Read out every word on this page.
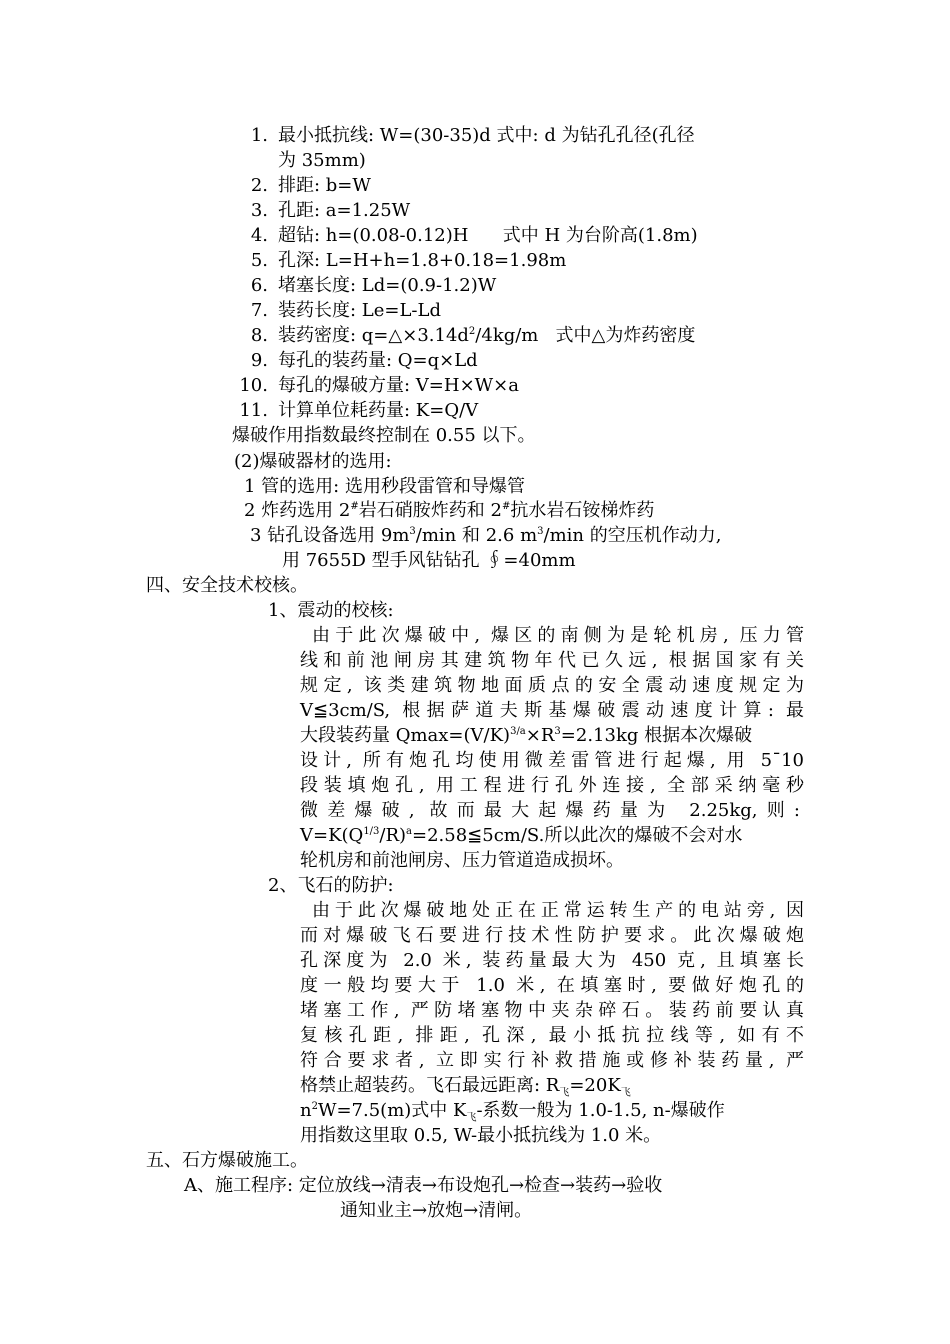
1. 最小抵抗线: W=(30-35)d 式中: d 为钻孔孔径(孔径
为 35mm)
2. 排距: b=W
3. 孔距: a=1.25W
4. 超钻: h=(0.08-0.12)H      式中 H 为台阶高(1.8m)
5. 孔深: L=H+h=1.8+0.18=1.98m
6. 堵塞长度: Ld=(0.9-1.2)W
7. 装药长度: Le=L-Ld
8. 装药密度: $q=\triangle\times 3.14d^2/4kg/m$   式中△为炸药密度
9. 每孔的装药量: Q=q×Ld
10. 每孔的爆破方量: V=H×W×a
11. 计算单位耗药量: K=Q/V
爆破作用指数最终控制在 0.55 以下。
(2)爆破器材的选用:
1 管的选用: 选用秒段雷管和导爆管
2 炸药选用 2#岩石硝胺炸药和 2#抗水岩石铵梯炸药
3 钻孔设备选用 $9m^3/\min$ 和 2.6 $m^3/\min$ 的空压机作动力,
用 7655D 型手风钻钻孔 ∮=40mm
四、安全技术校核。
1、震动的校核:
由于此次爆破中, 爆区的南侧为是轮机房, 压力管
线和前池闸房其建筑物年代已久远, 根据国家有关
规定, 该类建筑物地面质点的安全震动速度规定为
V≦3cm/S, 根据萨道夫斯基爆破震动速度计算: 最
大段装药量 $Qmax=(V/K)^{3/a}\times R^3=2.13kg$ 根据本次爆破
设计, 所有炮孔均使用微差雷管进行起爆, 用 5¯10
段装填炮孔, 用工程进行孔外连接, 全部采纳毫秒
微差爆破, 故而最大起爆药量为 2.25kg,则:
$V=K(Q^{1/3}/R)^a=2.58≦5cm/S$.所以此次的爆破不会对水
轮机房和前池闸房、压力管道造成损坏。
2、飞石的防护:
由于此次爆破地处正在正常运转生产的电站旁, 因
而对爆破飞石要进行技术性防护要求。此次爆破炮
孔深度为 2.0 米, 装药量最大为 450 克, 且填塞长
度一般均要大于 1.0 米, 在填塞时, 要做好炮孔的
堵塞工作, 严防堵塞物中夹杂碎石。装药前要认真
复核孔距, 排距, 孔深, 最小抵抗拉线等, 如有不
符合要求者, 立即实行补救措施或修补装药量, 严
格禁止超装药。飞石最远距离: $R_飞=20K_飞$
$n^2W=7.5(m)$式中 $K_飞-$系数一般为 1.0-1.5, n-爆破作
用指数这里取 0.5, W-最小抵抗线为 1.0 米。
五、石方爆破施工。
A、施工程序: 定位放线→清表→布设炮孔→检查→装药→验收
通知业主→放炮→清闸。
